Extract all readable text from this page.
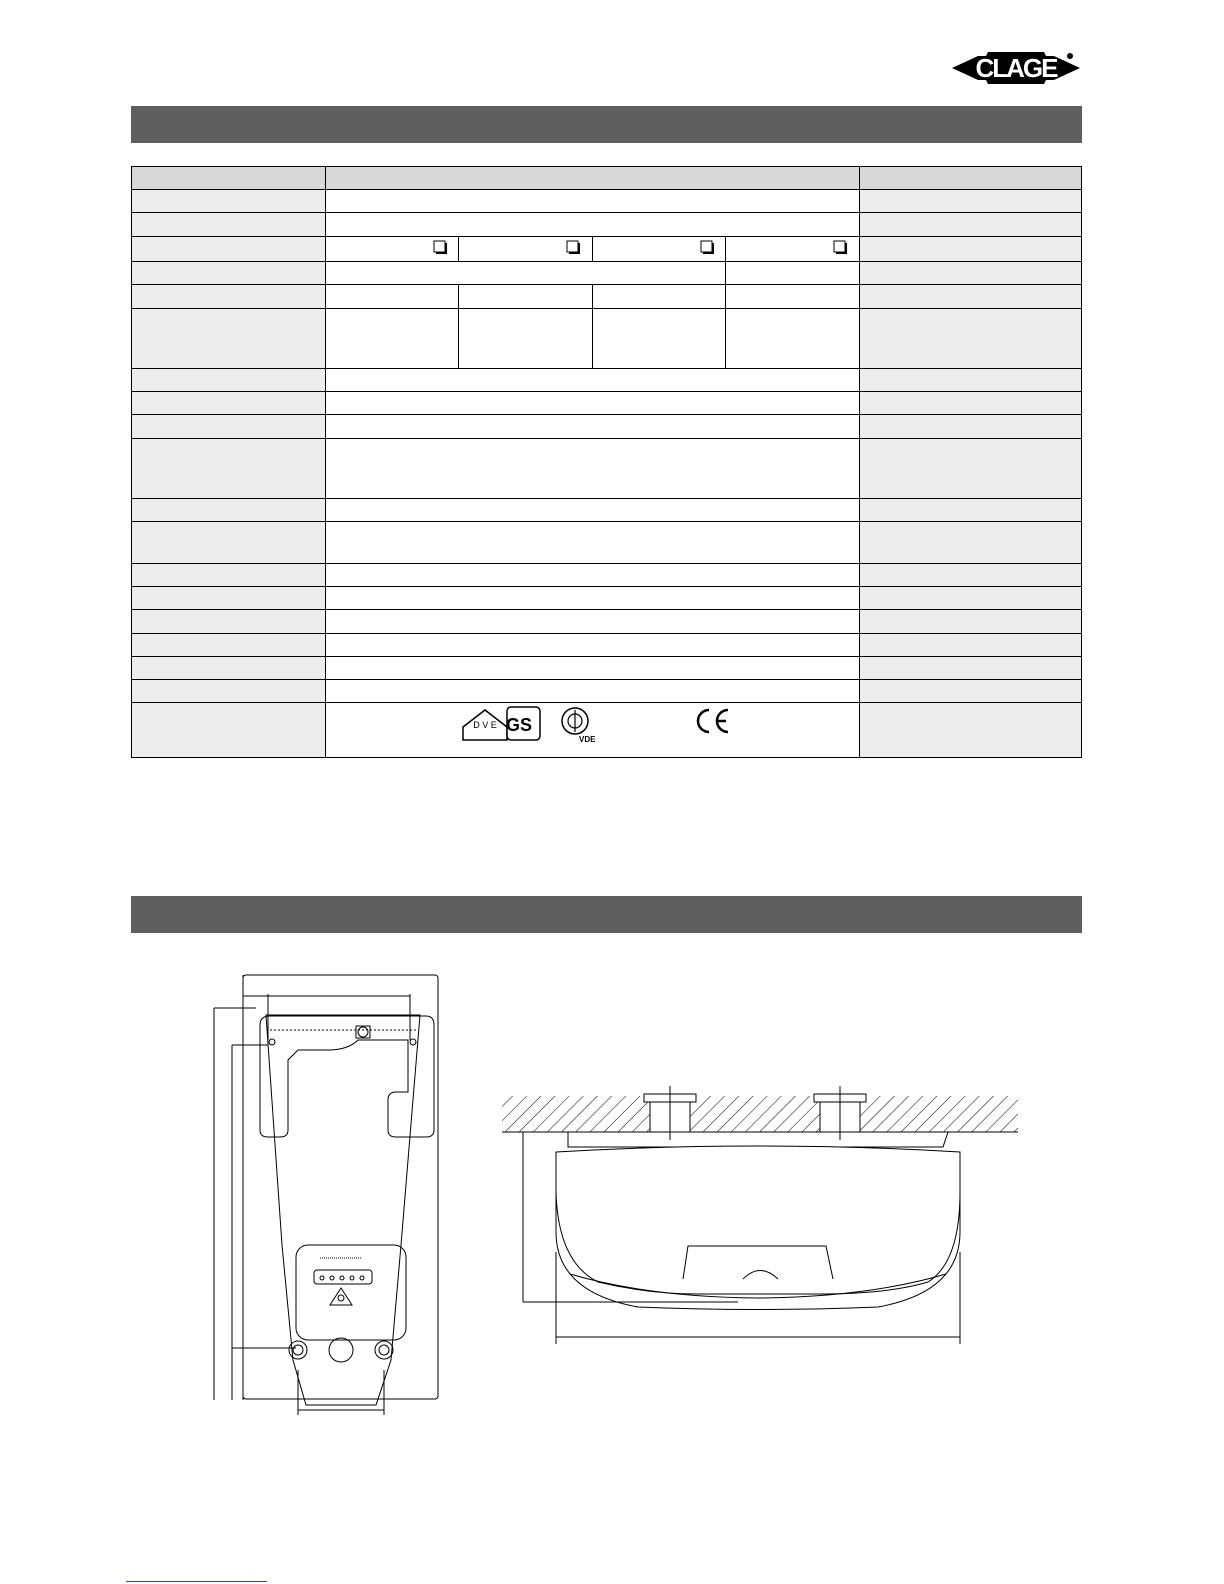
CLAGE
D V E GS
VDE
